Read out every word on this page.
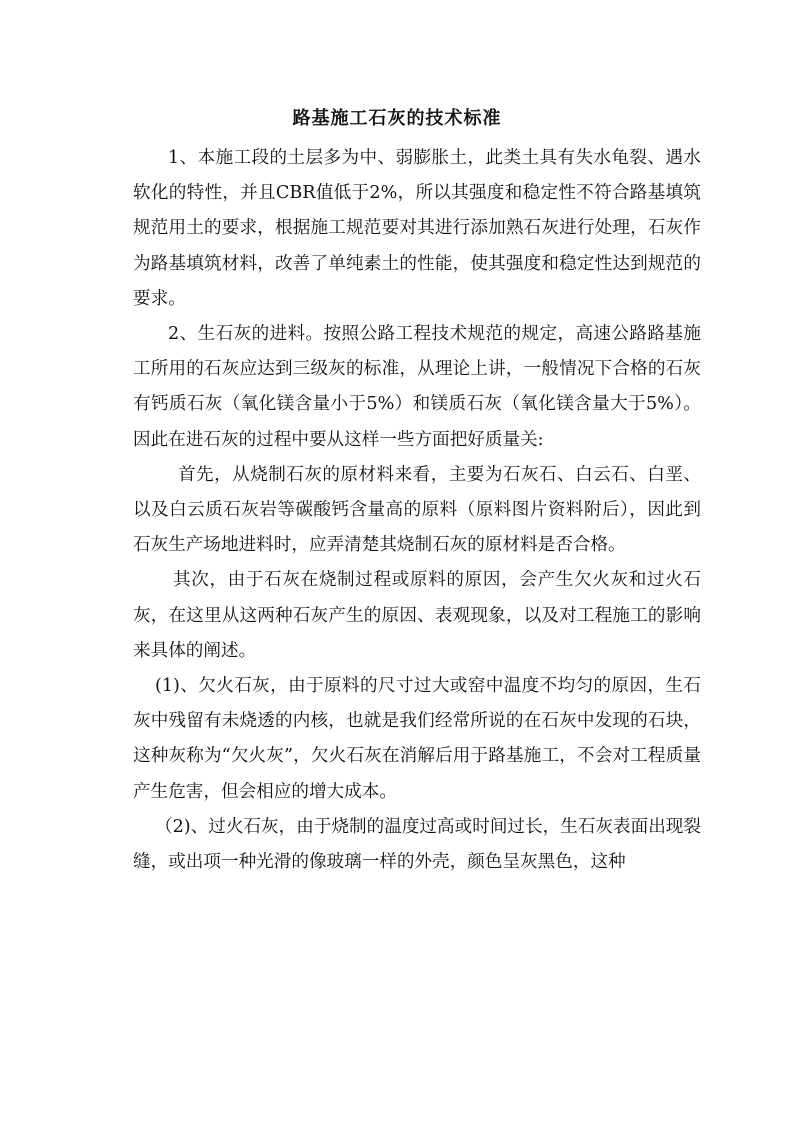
路基施工石灰的技术标准

1、本施工段的土层多为中、弱膨胀土，此类土具有失水龟裂、遇水软化的特性，并且CBR值低于2%，所以其强度和稳定性不符合路基填筑规范用土的要求，根据施工规范要对其进行添加熟石灰进行处理，石灰作为路基填筑材料，改善了单纯素土的性能，使其强度和稳定性达到规范的要求。

2、生石灰的进料。按照公路工程技术规范的规定，高速公路路基施工所用的石灰应达到三级灰的标准，从理论上讲，一般情况下合格的石灰有钙质石灰（氧化镁含量小于5%）和镁质石灰（氧化镁含量大于5%）。因此在进石灰的过程中要从这样一些方面把好质量关:

首先，从烧制石灰的原材料来看，主要为石灰石、白云石、白垩、以及白云质石灰岩等碳酸钙含量高的原料（原料图片资料附后），因此到石灰生产场地进料时，应弄清楚其烧制石灰的原材料是否合格。

其次，由于石灰在烧制过程或原料的原因，会产生欠火灰和过火石灰，在这里从这两种石灰产生的原因、表观现象，以及对工程施工的影响来具体的阐述。

(1)、欠火石灰，由于原料的尺寸过大或窑中温度不均匀的原因，生石灰中残留有未烧透的内核，也就是我们经常所说的在石灰中发现的石块，这种灰称为“欠火灰”，欠火石灰在消解后用于路基施工，不会对工程质量产生危害，但会相应的增大成本。

（2)、过火石灰，由于烧制的温度过高或时间过长，生石灰表面出现裂缝，或出项一种光滑的像玻璃一样的外壳，颜色呈灰黑色，这种
